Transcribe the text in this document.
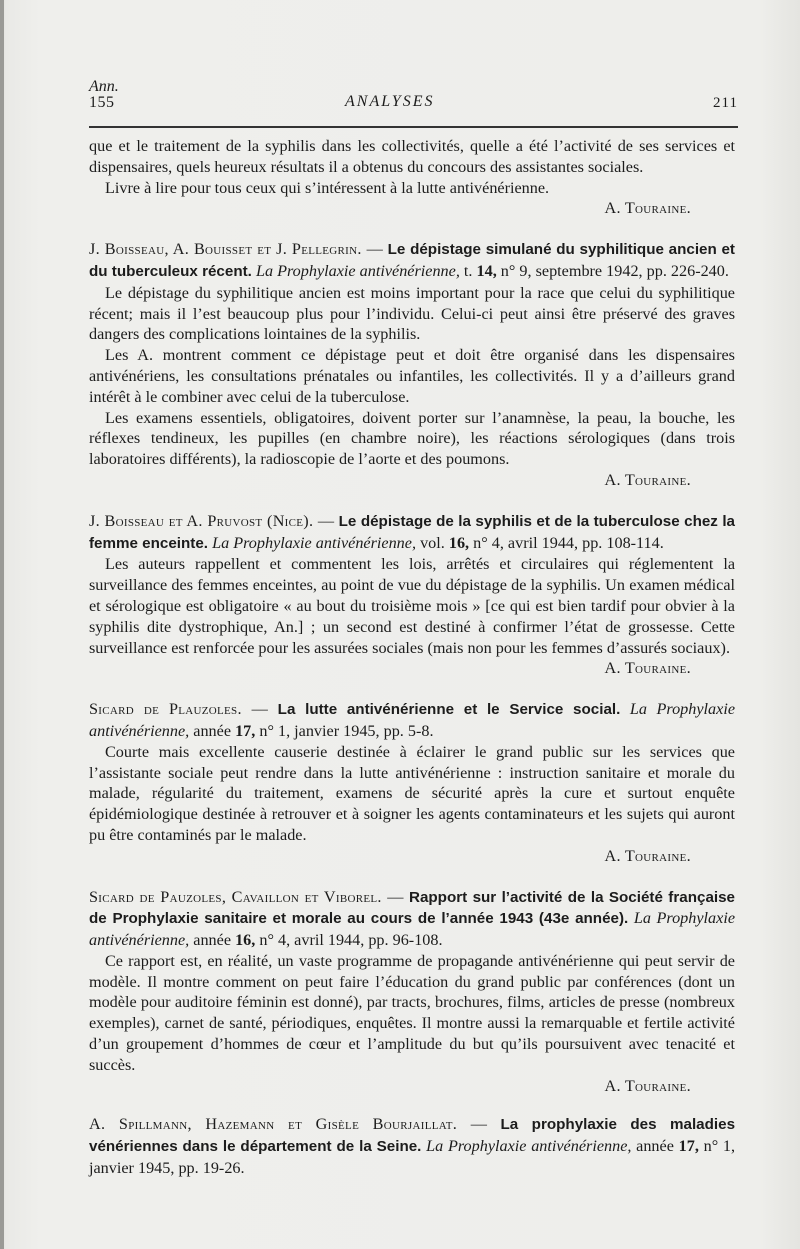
Ann.
155	ANALYSES	211

que et le traitement de la syphilis dans les collectivités, quelle a été l’activité de ses services et dispensaires, quels heureux résultats il a obtenus du concours des assistantes sociales.

Livre à lire pour tous ceux qui s’intéressent à la lutte antivénérienne.

A. Touraine.

J. Boisseau, A. Bouisset et J. Pellegrin. — Le dépistage simulané du syphilitique ancien et du tuberculeux récent. La Prophylaxie antivénérienne, t. 14, n° 9, septembre 1942, pp. 226-240.

Le dépistage du syphilitique ancien est moins important pour la race que celui du syphilitique récent; mais il l’est beaucoup plus pour l’individu. Celui-ci peut ainsi être préservé des graves dangers des complications lointaines de la syphilis.

Les A. montrent comment ce dépistage peut et doit être organisé dans les dispensaires antivénériens, les consultations prénatales ou infantiles, les collectivités. Il y a d’ailleurs grand intérêt à le combiner avec celui de la tuberculose.

Les examens essentiels, obligatoires, doivent porter sur l’anamnèse, la peau, la bouche, les réflexes tendineux, les pupilles (en chambre noire), les réactions sérologiques (dans trois laboratoires différents), la radioscopie de l’aorte et des poumons.

A. Touraine.

J. Boisseau et A. Pruvost (Nice). — Le dépistage de la syphilis et de la tuberculose chez la femme enceinte. La Prophylaxie antivénérienne, vol. 16, n° 4, avril 1944, pp. 108-114.

Les auteurs rappellent et commentent les lois, arrêtés et circulaires qui réglementent la surveillance des femmes enceintes, au point de vue du dépistage de la syphilis. Un examen médical et sérologique est obligatoire « au bout du troisième mois » [ce qui est bien tardif pour obvier à la syphilis dite dystrophique, An.] ; un second est destiné à confirmer l’état de grossesse. Cette surveillance est renforcée pour les assurées sociales (mais non pour les femmes d’assurés sociaux).

A. Touraine.

Sicard de Plauzoles. — La lutte antivénérienne et le Service social. La Prophylaxie antivénérienne, année 17, n° 1, janvier 1945, pp. 5-8.

Courte mais excellente causerie destinée à éclairer le grand public sur les services que l’assistante sociale peut rendre dans la lutte antivénérienne : instruction sanitaire et morale du malade, régularité du traitement, examens de sécurité après la cure et surtout enquête épidémiologique destinée à retrouver et à soigner les agents contaminateurs et les sujets qui auront pu être contaminés par le malade.

A. Touraine.

Sicard de Pauzoles, Cavaillon et Viborel. — Rapport sur l’activité de la Société française de Prophylaxie sanitaire et morale au cours de l’année 1943 (43e année). La Prophylaxie antivénérienne, année 16, n° 4, avril 1944, pp. 96-108.

Ce rapport est, en réalité, un vaste programme de propagande antivénérienne qui peut servir de modèle. Il montre comment on peut faire l’éducation du grand public par conférences (dont un modèle pour auditoire féminin est donné), par tracts, brochures, films, articles de presse (nombreux exemples), carnet de santé, périodiques, enquêtes. Il montre aussi la remarquable et fertile activité d’un groupement d’hommes de cœur et l’amplitude du but qu’ils poursuivent avec tenacité et succès.

A. Touraine.

A. Spillmann, Hazemann et Gisèle Bourjaillat. — La prophylaxie des maladies vénériennes dans le département de la Seine. La Prophylaxie antivénérienne, année 17, n° 1, janvier 1945, pp. 19-26.
